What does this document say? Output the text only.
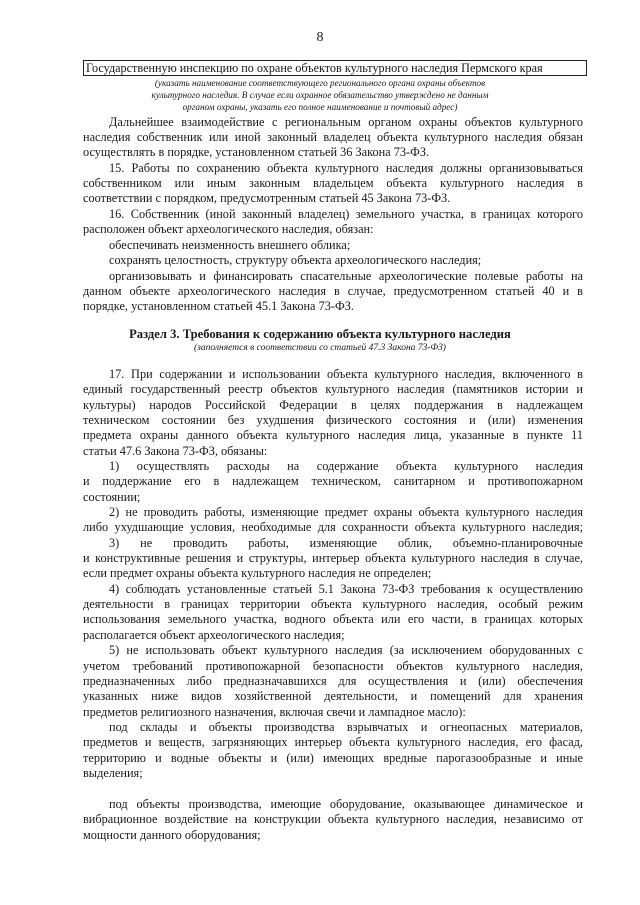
8
Государственную инспекцию по охране объектов культурного наследия Пермского края
(указать наименование соответствующего регионального органа охраны объектов
культурного наследия. В случае если охранное обязательство утверждено не данным
органом охраны, указать его полное наименование и почтовый адрес)
Дальнейшее взаимодействие с региональным органом охраны объектов культурного
наследия собственник или иной законный владелец объекта культурного наследия обязан
осуществлять в порядке, установленном статьей 36 Закона 73-ФЗ.
15. Работы по сохранению объекта культурного наследия должны организовываться
собственником или иным законным владельцем объекта культурного наследия в
соответствии с порядком, предусмотренным статьей 45 Закона 73-ФЗ.
16. Собственник (иной законный владелец) земельного участка, в границах которого
расположен объект археологического наследия, обязан:
обеспечивать неизменность внешнего облика;
сохранять целостность, структуру объекта археологического наследия;
организовывать и финансировать спасательные археологические полевые работы на
данном объекте археологического наследия в случае, предусмотренном статьей 40 и в
порядке, установленном статьей 45.1 Закона 73-ФЗ.
Раздел 3. Требования к содержанию объекта культурного наследия
(заполняется в соответствии со статьей 47.3 Закона 73-ФЗ)
17. При содержании и использовании объекта культурного наследия, включенного в
единый государственный реестр объектов культурного наследия (памятников истории и
культуры) народов Российской Федерации в целях поддержания в надлежащем
техническом состоянии без ухудшения физического состояния и (или) изменения
предмета охраны данного объекта культурного наследия лица, указанные в пункте 11
статьи 47.6 Закона 73-ФЗ, обязаны:
1) осуществлять расходы на содержание объекта культурного наследия
и поддержание его в надлежащем техническом, санитарном и противопожарном
состоянии;
2) не проводить работы, изменяющие предмет охраны объекта культурного наследия
либо ухудшающие условия, необходимые для сохранности объекта культурного наследия;
3) не проводить работы, изменяющие облик, объемно-планировочные
и конструктивные решения и структуры, интерьер объекта культурного наследия в случае,
если предмет охраны объекта культурного наследия не определен;
4) соблюдать установленные статьей 5.1 Закона 73-ФЗ требования к осуществлению
деятельности в границах территории объекта культурного наследия, особый режим
использования земельного участка, водного объекта или его части, в границах которых
располагается объект археологического наследия;
5) не использовать объект культурного наследия (за исключением оборудованных с
учетом требований противопожарной безопасности объектов культурного наследия,
предназначенных либо предназначавшихся для осуществления и (или) обеспечения
указанных ниже видов хозяйственной деятельности, и помещений для хранения
предметов религиозного назначения, включая свечи и лампадное масло):
под склады и объекты производства взрывчатых и огнеопасных материалов,
предметов и веществ, загрязняющих интерьер объекта культурного наследия, его фасад,
территорию и водные объекты и (или) имеющих вредные парогазообразные и иные
выделения;
под объекты производства, имеющие оборудование, оказывающее динамическое и
вибрационное воздействие на конструкции объекта культурного наследия, независимо от
мощности данного оборудования;
